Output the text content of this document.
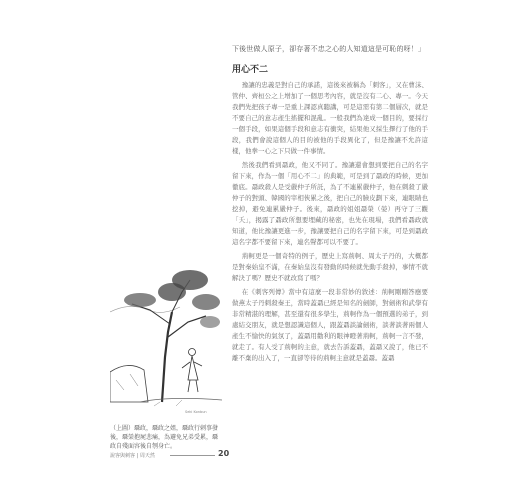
下後世做人原子，卻存著不忠之心的人知道這是可恥的呀！」
用心不二

豫讓的忠義是對自己的承諾，這後來被稱為「刺客」，又在曹沫、管仲、齊桓公之上增加了一個思考內容，就是沒有二心、專一。今天我們先把孩子專一是重上課認真聽講，可是這需有第二個層次，就是不要自己的意志產生搖擺和混亂。一般我們為達成一個目的，要採行一個手段，如果這個手段和意志有衝突，結果他又採生擇行了他的手段，我們會說這個人的目的被他的手段異化了，但是豫讓不允許這樣，他拳一心之下只做一件事情。

然後我們看到聶政，他又不同了。豫讓還會想到要把自己的名字留下來，作為一個「用心不二」的典範，可是到了聶政的時候，更加徹底。聶政殺人是受嚴仲子所託，為了不連累嚴仲子，他在刺殺了嚴仲子的對頭、韓國的宰相俠累之後，把自己的臉皮劃下來，連眼睛也挖掉，避免連累嚴仲子。後來，聶政的姐姐聶榮（嫈）再守了三觀「夭」，揭露了聶政所想要埋藏的秘密，也先在現場，我們看聶政就知道，他比豫讓更進一步，豫讓要把自己的名字留下來，可是到聶政這名字都不要留下來，連名聲都可以不要了。

荊軻更是一個奇特的例子，歷史上寫荊軻、周太子丹的，大概都是對秦始皇不滿，在秦始皇沒有發動的時候就先動手殺掉，事情不就解決了嗎？歷史不就改寫了嗎？

在《刺客列傳》當中有這麼一段非常妙的敘述：荊軻剛剛答應要做燕太子丹刺殺秦王，當時蓋聶已經是知名的劍師，對劍術和武學有非常精湛的理解，甚至還有很多學生，荊軻作為一個預選的弟子，到處結交朋友，就是想認識這個人，跟蓋聶談論劍術，談著談著兩個人產生不愉快的氣氛了，蓋聶用勸利的眼神瞪著荊軻，荊軻一言不發，就走了。有人受了荊軻的主意，就去告訴蓋聶，蓋聶又說了，他已不離不棄的出入了，一直卻等待的荊軻主意就是蓋聶。蓋聶

Seki Konbun
（上圖）聶政，聶政之姐，聶政行刺事發後，聶榮抱屍悲痛，為避免兄弟受累，聶政自殘面容後自刎身亡。
說客與刺客 | 周天然	20
